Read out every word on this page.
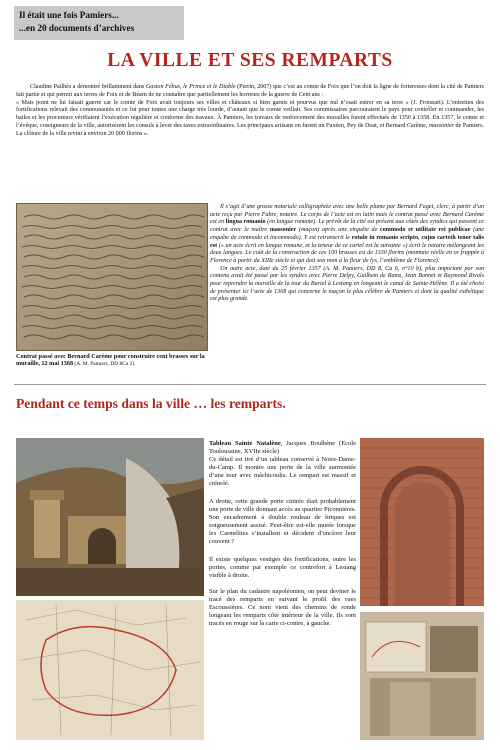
Il était une fois Pamiers...
...en 20 documents d’archives
LA VILLE ET SES REMPARTS

Claudine Pailhès a démontré brillamment dans Gaston Fébus, le Prince et le Diable (Perrin, 2007) que c’est au comte de Foix que l’on doit la ligne de forteresses dont la cité de Pamiers fait partie et qui permit aux terres de Foix et de Béarn de ne connaître que partiellement les horreurs de la guerre de Cent ans :

« Mais point ne lui faisait guerre car le comte de Foix avait toujours ses villes et châteaux si bien garnis et pourvus que nul n’osait entrer en sa terre » (J. Froissart). L’entretien des fortifications relevait des communautés et ce fut pour toutes une charge très lourde, d’autant que le comte veillait. Ses commissaires parcouraient le pays pour contrôler et commander, les bailes et les procureurs vérifiaient l’exécution régulière et conforme des travaux. À Pamiers, les travaux de renforcement des murailles furent effectués de 1350 à 1358. En 1357, le comte et l’évêque, coseigneurs de la ville, autorisèrent les consuls à lever des taxes extraordinaires. Les principaux artisans en furent un Fuxéen, Pey de Doat, et Bernard Carème, massonier de Pamiers. La clôture de la ville revint à environ 20 000 florins ».

Contrat passé avec Bernard Carème pour construire cent brasses sur la muraille, 12 mai 1368 (A. M. Pamiers, DD 8Ca 2).

Il s’agit d’une grosse notariale calligraphiée avec une belle plume par Bernard Faget, clerc, à partir d’un acte reçu par Pierre Fabre, notaire. Le corps de l’acte est en latin mais le contrat passé avec Bernard Carème est en lingua romanio (en langue romane). Le prévôt de la cité est présent aux côtés des syndics qui passent ce contrat avec le maître massonier (maçon) après une enquête de commodo et utilitate rei publicae (une enquête de commodo et incommodo). Y est retranscrit le rotulo in romanio scripto, cujus carteth tenor talis est (« un acte écrit en langue romane, et la teneur de ce cartel est la suivante ») écrit le notaire mélangeant les deux langues. Le coût de la construction de ces 100 brasses est de 1330 florins (monnaie réelle en or frappée à Florence à partir du XIIIe siècle et qui doit son nom à la fleur de lys, l’emblème de Florence).

Un autre acte, daté du 25 février 1357 (A. M. Pamiers, DD 8, Ca 6, n°10 b), plus important par son contenu avait été passé par les syndics avec Pierre Delpy, Guilhem de Rams, Jean Bonnet et Raymond Rivals pour reprendre la muraille de la tour du Bariel à Lestang en longeant le canal de Sainte-Hélène. Il a été choisi de présenter ici l’acte de 1368 qui concerne le maçon le plus célèbre de Pamiers et dont la qualité esthétique est plus grande.

Pendant ce temps dans la ville … les remparts.

Tableau Sainte Natalène, Jacques Boulbène (Ecole Toulousaine, XVIIe siècle)
Ce détail est tiré d’un tableau conservé à Notre-Dame-du-Camp. Il montre une porte de la ville surmontée d’une tour avec mâchicoulis. Le rempart est massif et crénelé.

A droite, cette grande porte cintrée était probablement une porte de ville donnant accès au quartier Piconnières. Son encadrement à double rouleau de briques est soigneusement assisé. Peut-être est-elle murée lorsque les Carmélites s’installent et décident d’enclore leur couvent ?

Il existe quelques vestiges des fortifications, outre les portes, comme par exemple ce contrefort à Lestang visible à droite.

Sur le plan du cadastre napoléonien, on peut deviner le tracé des remparts en suivant le profil des rues Escoussières. Ce nom vient des chemins de ronde longeant les remparts côté intérieur de la ville. Ils sont tracés en rouge sur la carte ci-contre, à gauche.
